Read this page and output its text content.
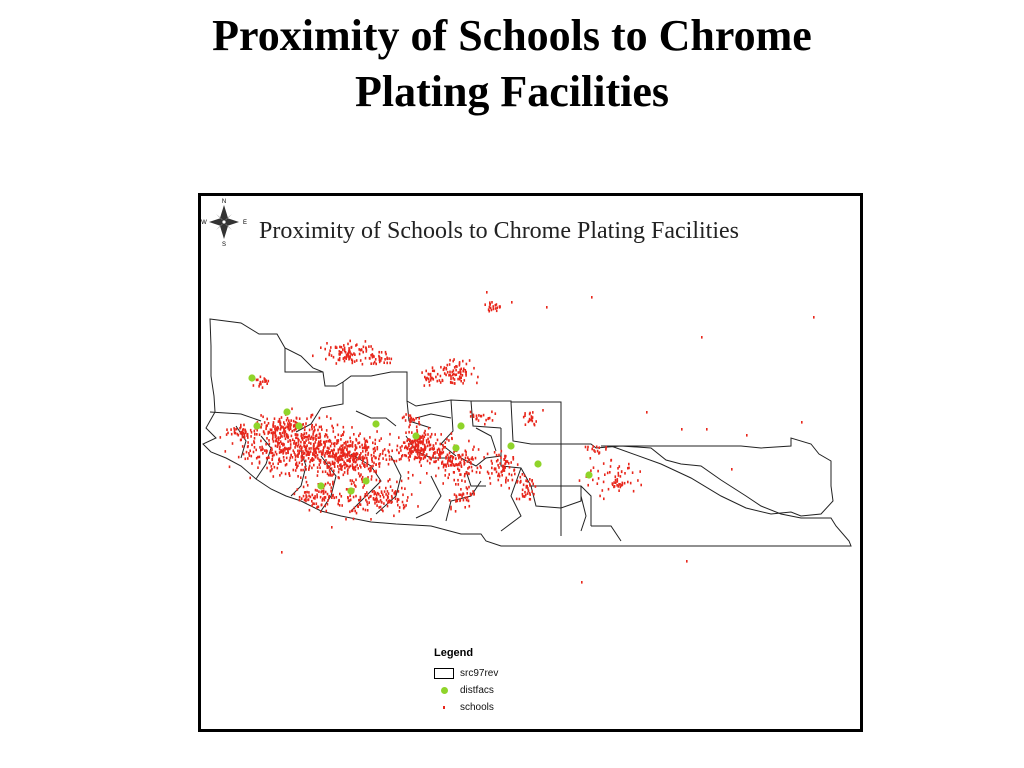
Proximity of Schools to Chrome
Plating Facilities
Proximity of Schools to Chrome Plating Facilities
N
S
W	E
Legend
src97rev
distfacs
schools
